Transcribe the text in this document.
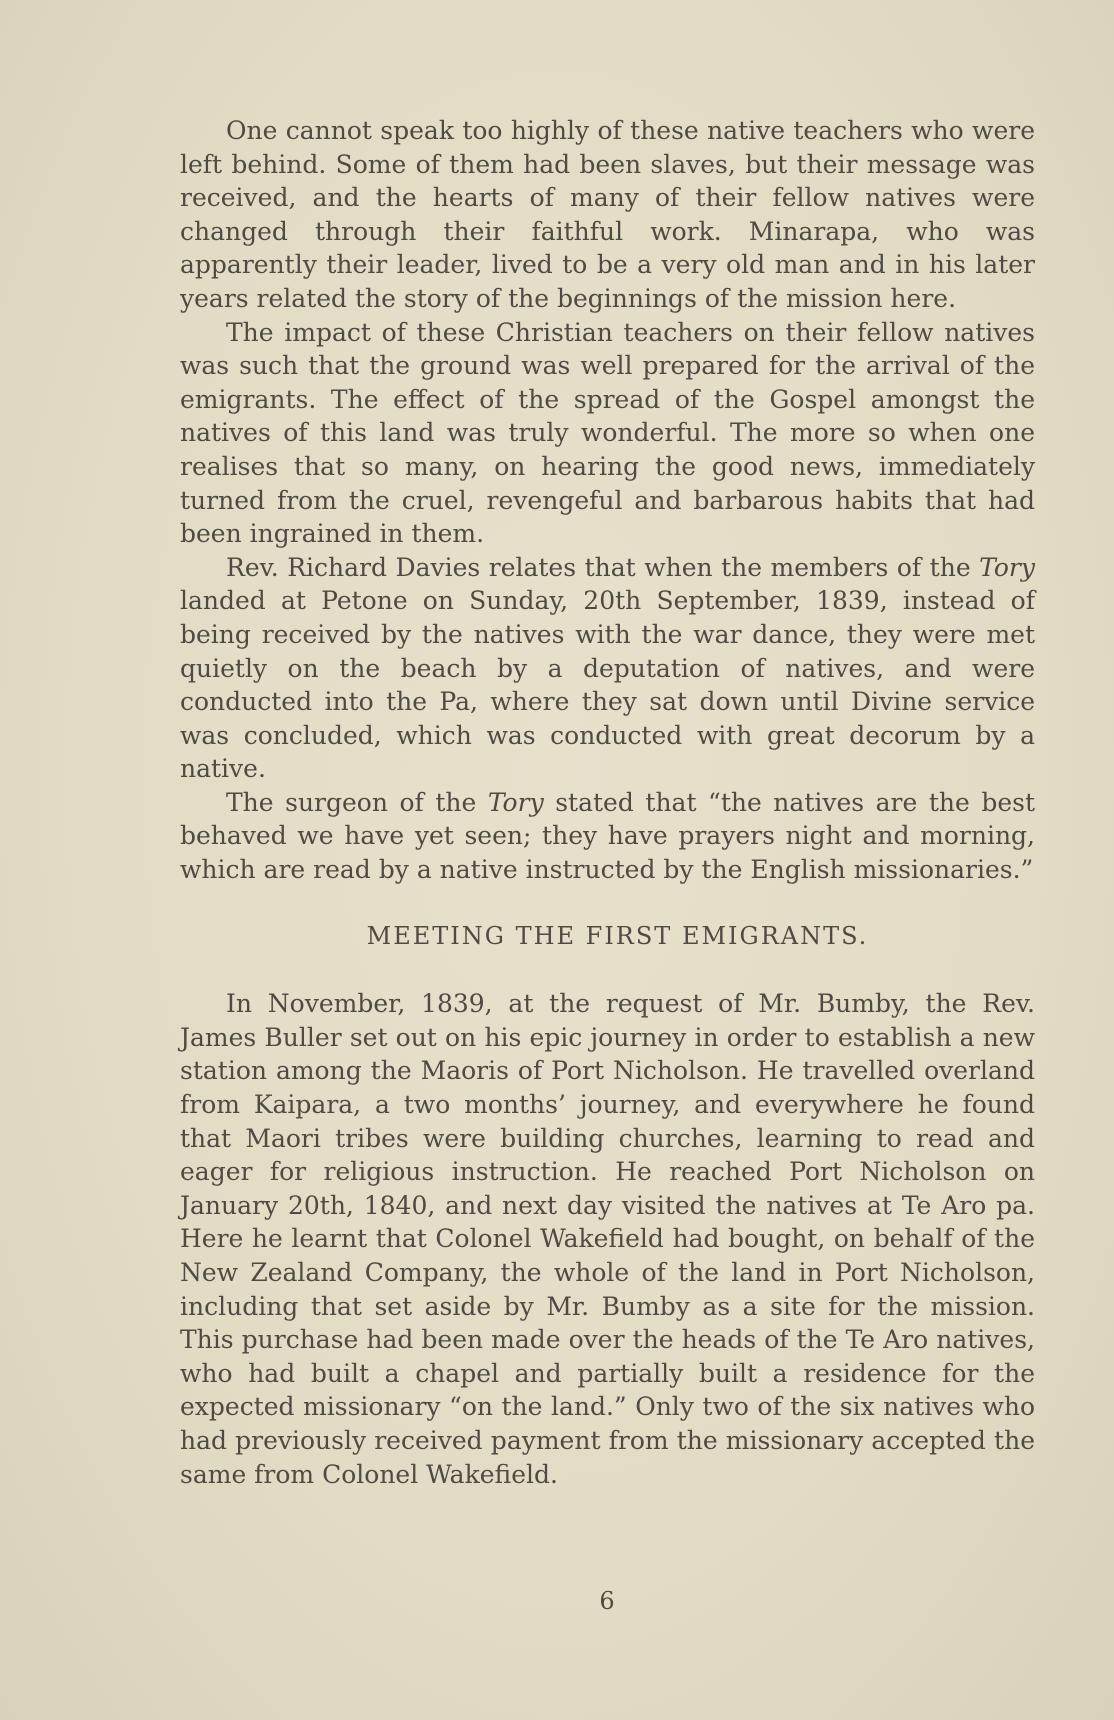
One cannot speak too highly of these native teachers who were left behind. Some of them had been slaves, but their message was received, and the hearts of many of their fellow natives were changed through their faithful work. Minarapa, who was apparently their leader, lived to be a very old man and in his later years related the story of the beginnings of the mission here.

The impact of these Christian teachers on their fellow natives was such that the ground was well prepared for the arrival of the emigrants. The effect of the spread of the Gospel amongst the natives of this land was truly wonderful. The more so when one realises that so many, on hearing the good news, immediately turned from the cruel, revengeful and barbarous habits that had been ingrained in them.

Rev. Richard Davies relates that when the members of the Tory landed at Petone on Sunday, 20th September, 1839, instead of being received by the natives with the war dance, they were met quietly on the beach by a deputation of natives, and were conducted into the Pa, where they sat down until Divine service was concluded, which was conducted with great decorum by a native.

The surgeon of the Tory stated that “the natives are the best behaved we have yet seen; they have prayers night and morning, which are read by a native instructed by the English missionaries.”

MEETING THE FIRST EMIGRANTS.

In November, 1839, at the request of Mr. Bumby, the Rev. James Buller set out on his epic journey in order to establish a new station among the Maoris of Port Nicholson. He travelled overland from Kaipara, a two months’ journey, and everywhere he found that Maori tribes were building churches, learning to read and eager for religious instruction. He reached Port Nicholson on January 20th, 1840, and next day visited the natives at Te Aro pa. Here he learnt that Colonel Wakefield had bought, on behalf of the New Zealand Company, the whole of the land in Port Nicholson, including that set aside by Mr. Bumby as a site for the mission. This purchase had been made over the heads of the Te Aro natives, who had built a chapel and partially built a residence for the expected missionary “on the land.” Only two of the six natives who had previously received payment from the missionary accepted the same from Colonel Wakefield.

6
